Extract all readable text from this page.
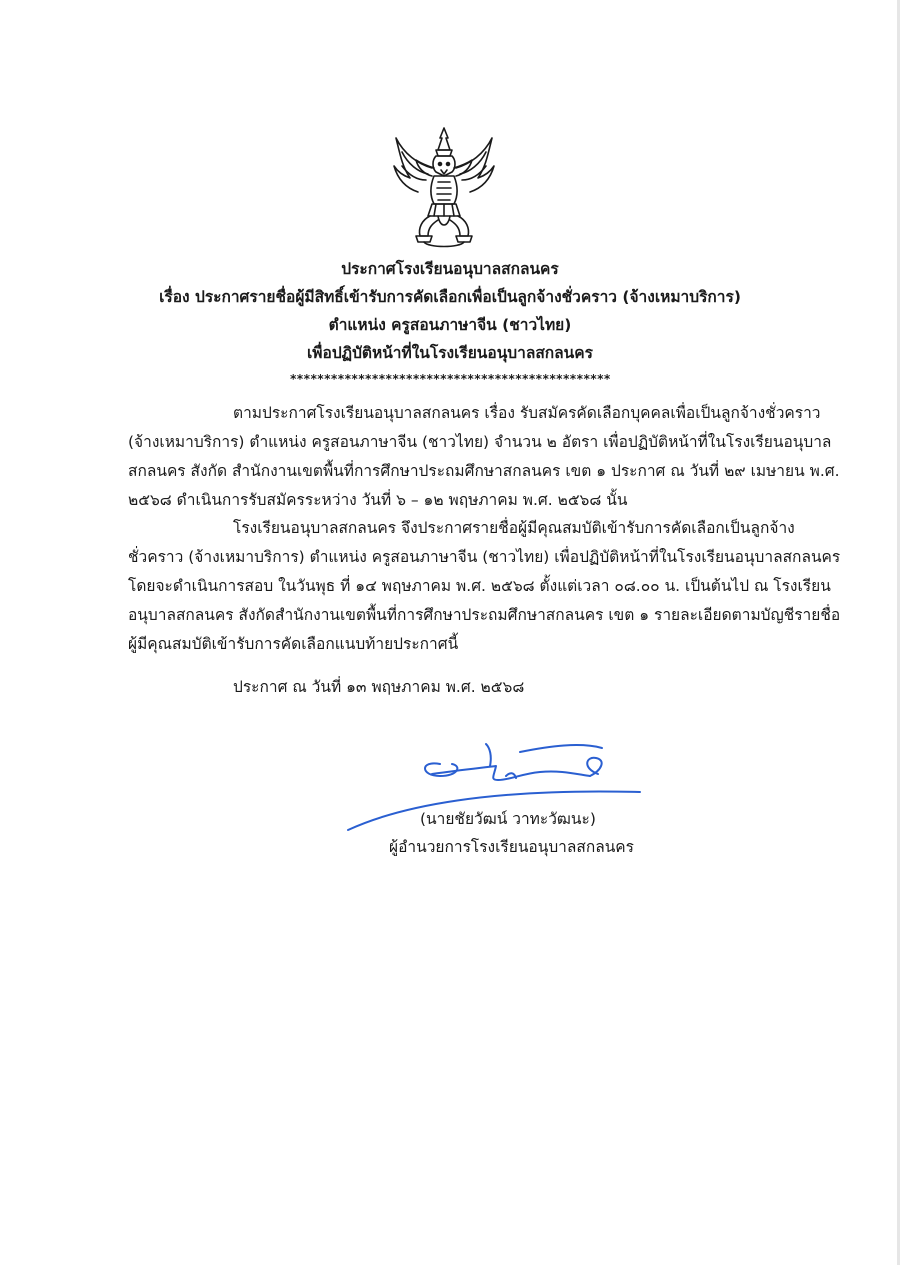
ประกาศโรงเรียนอนุบาลสกลนคร
เรื่อง ประกาศรายชื่อผู้มีสิทธิ์เข้ารับการคัดเลือกเพื่อเป็นลูกจ้างชั่วคราว (จ้างเหมาบริการ)
ตำแหน่ง ครูสอนภาษาจีน (ชาวไทย)
เพื่อปฏิบัติหน้าที่ในโรงเรียนอนุบาลสกลนคร
***********************************************
ตามประกาศโรงเรียนอนุบาลสกลนคร เรื่อง รับสมัครคัดเลือกบุคคลเพื่อเป็นลูกจ้างชั่วคราว
(จ้างเหมาบริการ) ตำแหน่ง ครูสอนภาษาจีน (ชาวไทย) จำนวน ๒ อัตรา เพื่อปฏิบัติหน้าที่ในโรงเรียนอนุบาล
สกลนคร สังกัด สำนักงานเขตพื้นที่การศึกษาประถมศึกษาสกลนคร เขต ๑ ประกาศ ณ วันที่ ๒๙ เมษายน พ.ศ.
๒๕๖๘ ดำเนินการรับสมัครระหว่าง วันที่ ๖ – ๑๒ พฤษภาคม พ.ศ. ๒๕๖๘ นั้น
โรงเรียนอนุบาลสกลนคร จึงประกาศรายชื่อผู้มีคุณสมบัติเข้ารับการคัดเลือกเป็นลูกจ้าง
ชั่วคราว (จ้างเหมาบริการ) ตำแหน่ง ครูสอนภาษาจีน (ชาวไทย) เพื่อปฏิบัติหน้าที่ในโรงเรียนอนุบาลสกลนคร
โดยจะดำเนินการสอบ ในวันพุธ ที่ ๑๔ พฤษภาคม พ.ศ. ๒๕๖๘ ตั้งแต่เวลา ๐๘.๐๐ น. เป็นต้นไป ณ โรงเรียน
อนุบาลสกลนคร สังกัดสำนักงานเขตพื้นที่การศึกษาประถมศึกษาสกลนคร เขต ๑ รายละเอียดตามบัญชีรายชื่อ
ผู้มีคุณสมบัติเข้ารับการคัดเลือกแนบท้ายประกาศนี้
ประกาศ ณ วันที่ ๑๓ พฤษภาคม พ.ศ. ๒๕๖๘
(นายชัยวัฒน์ วาทะวัฒนะ)
ผู้อำนวยการโรงเรียนอนุบาลสกลนคร
